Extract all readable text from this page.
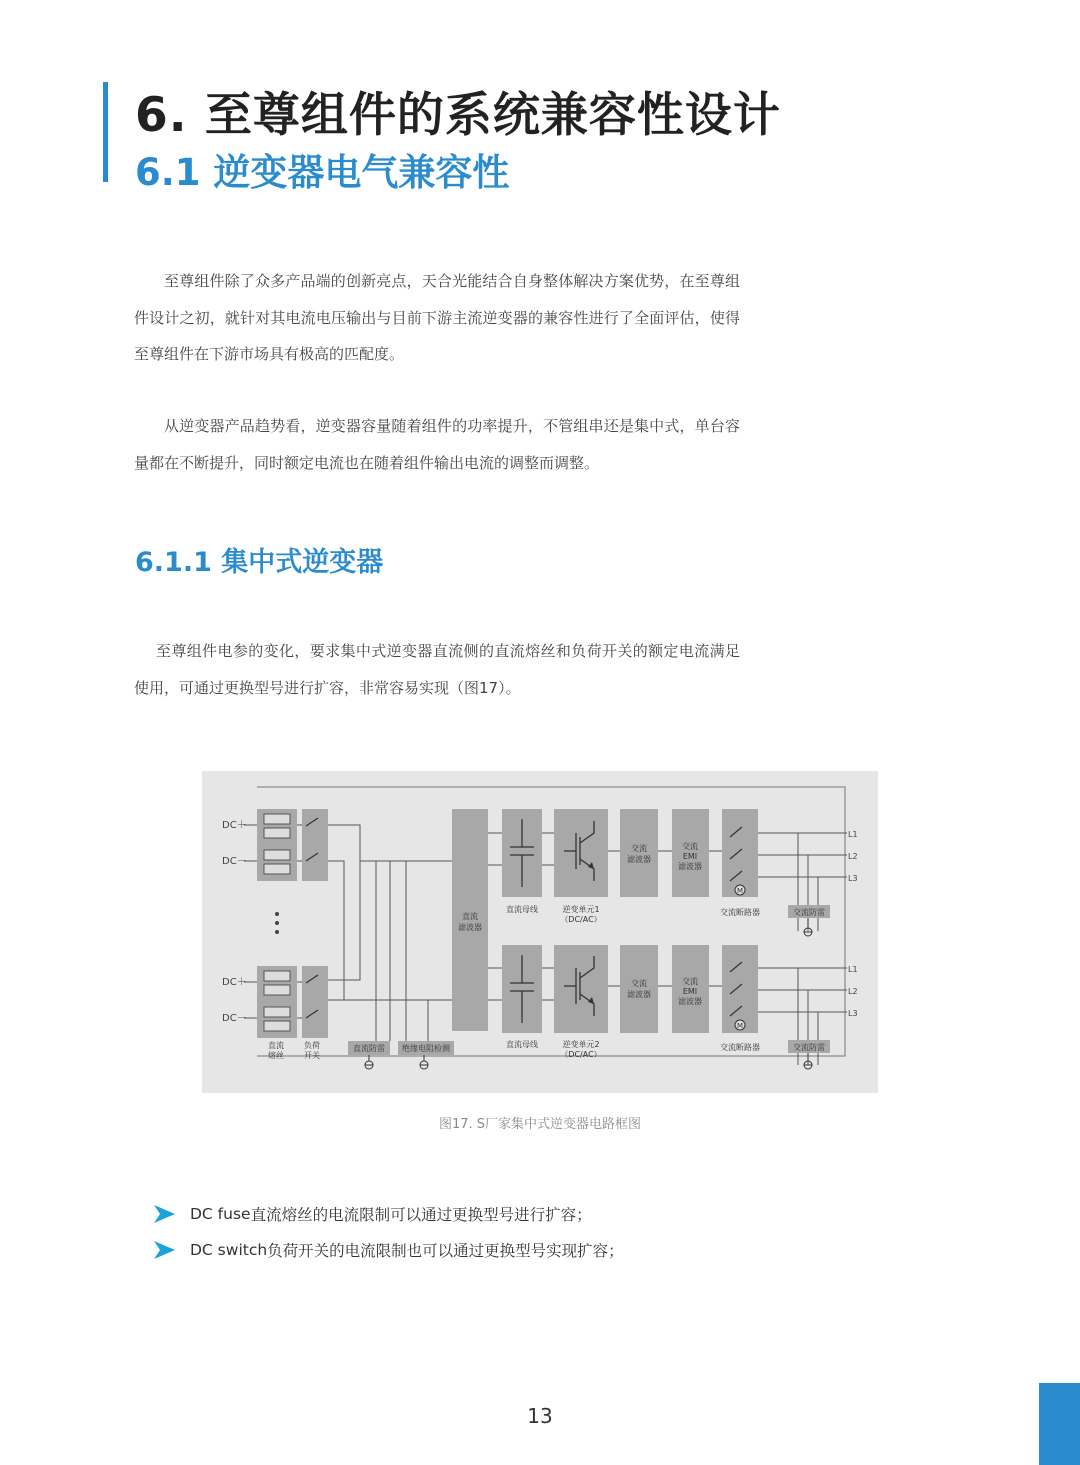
6. 至尊组件的系统兼容性设计
6.1 逆变器电气兼容性

至尊组件除了众多产品端的创新亮点，天合光能结合自身整体解决方案优势，在至尊组件设计之初，就针对其电流电压输出与目前下游主流逆变器的兼容性进行了全面评估，使得至尊组件在下游市场具有极高的匹配度。

从逆变器产品趋势看，逆变器容量随着组件的功率提升，不管组串还是集中式，单台容量都在不断提升，同时额定电流也在随着组件输出电流的调整而调整。

6.1.1 集中式逆变器

至尊组件电参的变化，要求集中式逆变器直流侧的直流熔丝和负荷开关的额定电流满足使用，可通过更换型号进行扩容，非常容易实现（图17）。

DC＋
DC－
DC＋
DC－
直流
滤波器
直流母线
直流母线
逆变单元1
（DC/AC）
逆变单元2
（DC/AC）
交流
滤波器
交流
滤波器
交流
EMI
滤波器
交流
EMI
滤波器
M
M
交流断路器
交流断路器
交流防雷
交流防雷
L1
L2
L3
L1
L2
L3
直流防雷 绝缘电阻检测
直流
熔丝
负荷
开关

图17. S厂家集中式逆变器电路框图

DC fuse 直流熔丝的电流限制可以通过更换型号进行扩容；
DC switch 负荷开关的电流限制也可以通过更换型号实现扩容；

13
